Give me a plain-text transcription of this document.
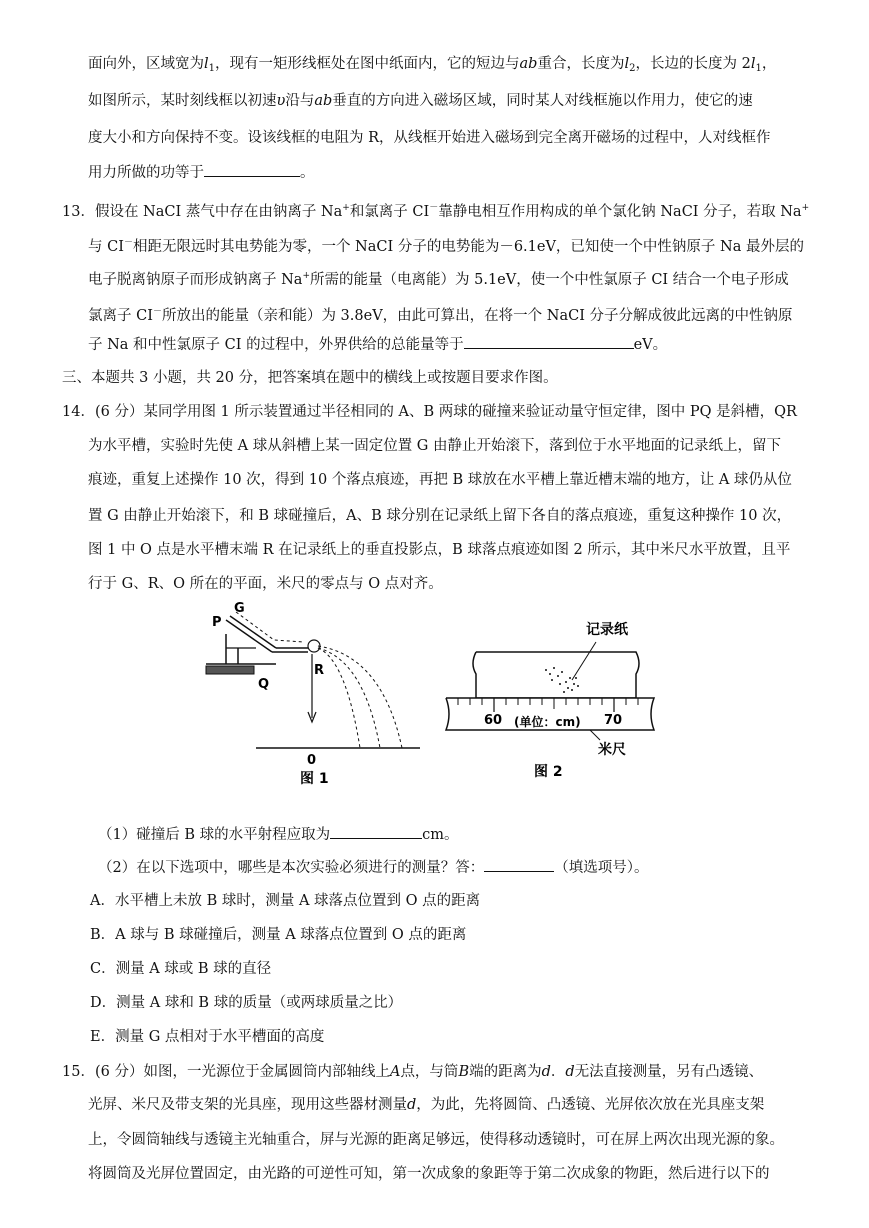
面向外，区域宽为$l_1$，现有一矩形线框处在图中纸面内，它的短边与ab重合，长度为$l_2$，长边的长度为 $2l_1$，
如图所示，某时刻线框以初速υ沿与ab垂直的方向进入磁场区域，同时某人对线框施以作用力，使它的速
度大小和方向保持不变。设该线框的电阻为 R，从线框开始进入磁场到完全离开磁场的过程中，人对线框作
用力所做的功等于	。
13．假设在 NaCI 蒸气中存在由钠离子 Na+和氯离子 CI－靠静电相互作用构成的单个氯化钠 NaCI 分子，若取 Na+
与 CI－相距无限远时其电势能为零，一个 NaCI 分子的电势能为－6.1eV，已知使一个中性钠原子 Na 最外层的
电子脱离钠原子而形成钠离子 Na+所需的能量（电离能）为 5.1eV，使一个中性氯原子 CI 结合一个电子形成
氯离子 CI－所放出的能量（亲和能）为 3.8eV，由此可算出，在将一个 NaCI 分子分解成彼此远离的中性钠原
子 Na 和中性氯原子 CI 的过程中，外界供给的总能量等于	eV。
三、本题共 3 小题，共 20 分，把答案填在题中的横线上或按题目要求作图。
14．(6 分）某同学用图 1 所示装置通过半径相同的 A、B 两球的碰撞来验证动量守恒定律，图中 PQ 是斜槽，QR
为水平槽，实验时先使 A 球从斜槽上某一固定位置 G 由静止开始滚下，落到位于水平地面的记录纸上，留下
痕迹，重复上述操作 10 次，得到 10 个落点痕迹，再把 B 球放在水平槽上靠近槽末端的地方，让 A 球仍从位
置 G 由静止开始滚下，和 B 球碰撞后，A、B 球分别在记录纸上留下各自的落点痕迹，重复这种操作 10 次，
图 1 中 O 点是水平槽末端 R 在记录纸上的垂直投影点，B 球落点痕迹如图 2 所示，其中米尺水平放置，且平
行于 G、R、O 所在的平面，米尺的零点与 O 点对齐。
P
G
Q
R
0
图 1
记录纸
60	70
(单位：cm)
米尺
图 2
（1）碰撞后 B 球的水平射程应取为	cm。
（2）在以下选项中，哪些是本次实验必须进行的测量？答：	（填选项号）。
A．水平槽上未放 B 球时，测量 A 球落点位置到 O 点的距离
B．A 球与 B 球碰撞后，测量 A 球落点位置到 O 点的距离
C．测量 A 球或 B 球的直径
D．测量 A 球和 B 球的质量（或两球质量之比）
E．测量 G 点相对于水平槽面的高度
15．(6 分）如图，一光源位于金属圆筒内部轴线上A点，与筒B端的距离为d．d无法直接测量，另有凸透镜、
光屏、米尺及带支架的光具座，现用这些器材测量d，为此，先将圆筒、凸透镜、光屏依次放在光具座支架
上，令圆筒轴线与透镜主光轴重合，屏与光源的距离足够远，使得移动透镜时，可在屏上两次出现光源的象。
将圆筒及光屏位置固定，由光路的可逆性可知，第一次成象的象距等于第二次成象的物距，然后进行以下的
